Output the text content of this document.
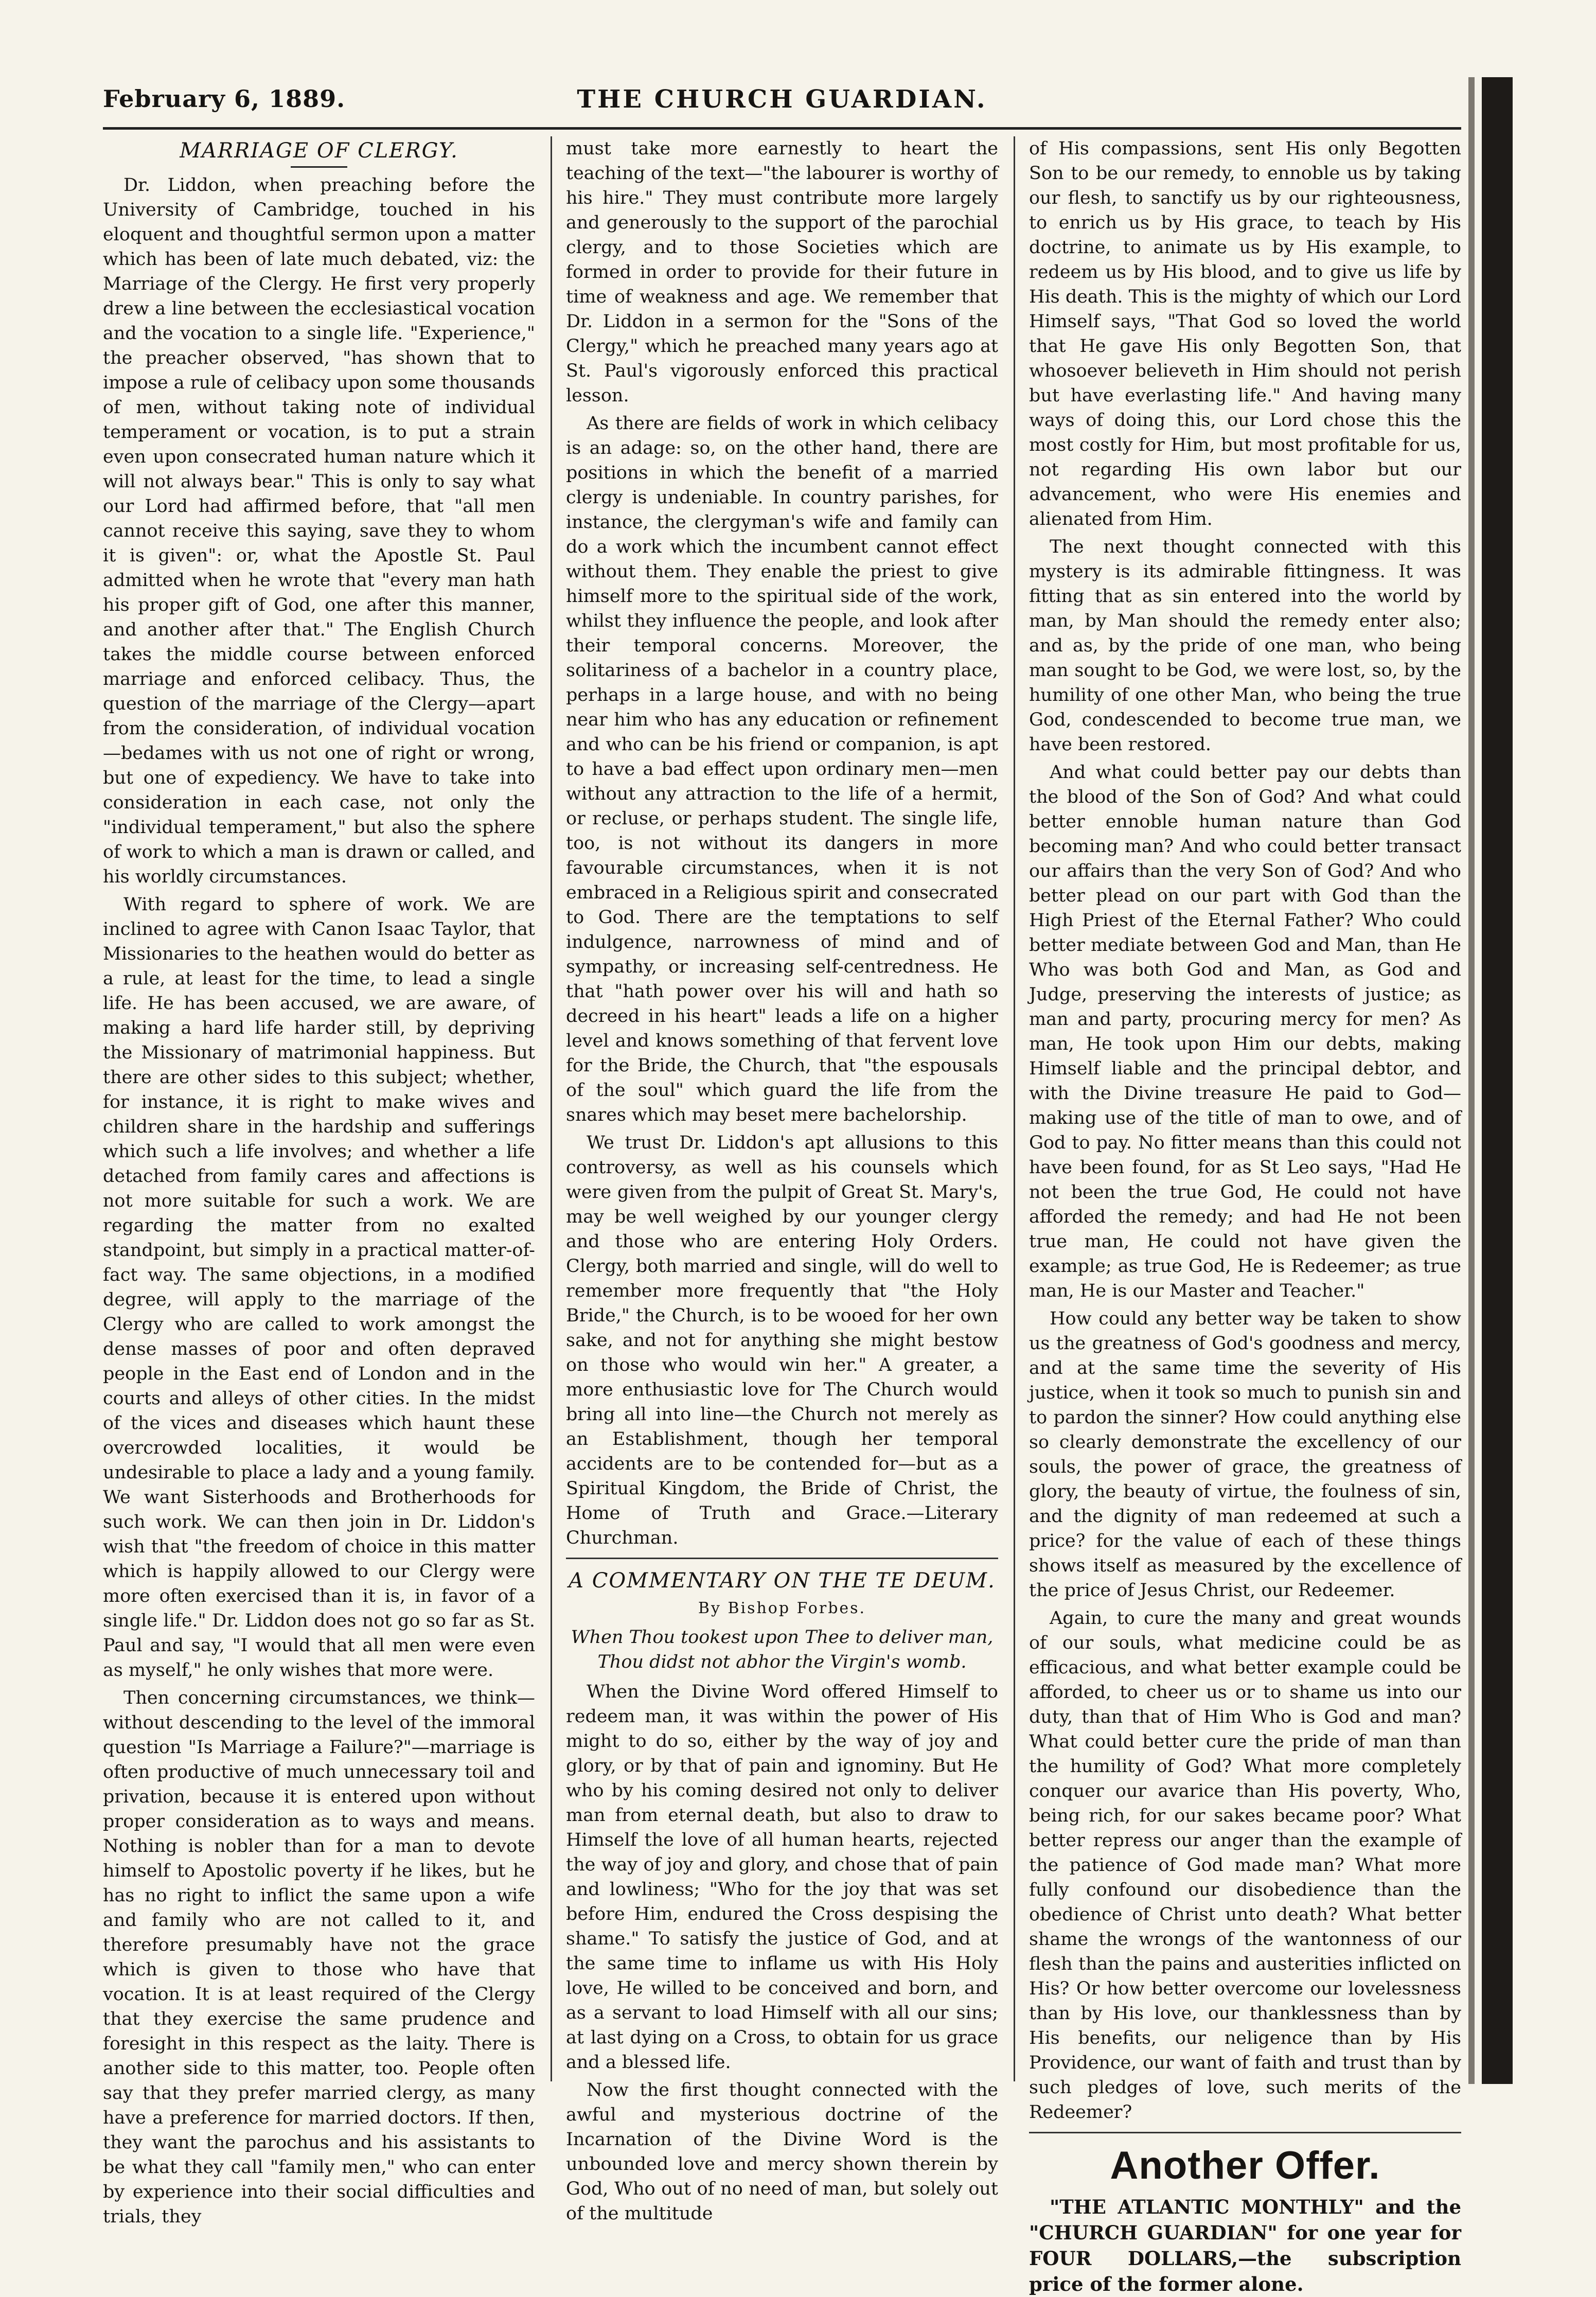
February 6, 1889.	THE CHURCH GUARDIAN.
MARRIAGE OF CLERGY.

Dr. Liddon, when preaching before the University of Cambridge, touched in his eloquent and thoughtful sermon upon a matter which has been of late much debated, viz: the Marriage of the Clergy. He first very properly drew a line between the ecclesiastical vocation and the vocation to a single life. "Experience," the preacher observed, "has shown that to impose a rule of celibacy upon some thousands of men, without taking note of individual temperament or vocation, is to put a strain even upon consecrated human nature which it will not always bear." This is only to say what our Lord had affirmed before, that "all men cannot receive this saying, save they to whom it is given": or, what the Apostle St. Paul admitted when he wrote that "every man hath his proper gift of God, one after this manner, and another after that." The English Church takes the middle course between enforced marriage and enforced celibacy. Thus, the question of the marriage of the Clergy—apart from the consideration, of individual vocation—bedames with us not one of right or wrong, but one of expediency. We have to take into consideration in each case, not only the "individual temperament," but also the sphere of work to which a man is drawn or called, and his worldly circumstances.

With regard to sphere of work. We are inclined to agree with Canon Isaac Taylor, that Missionaries to the heathen would do better as a rule, at least for the time, to lead a single life. He has been accused, we are aware, of making a hard life harder still, by depriving the Missionary of matrimonial happiness. But there are other sides to this subject; whether, for instance, it is right to make wives and children share in the hardship and sufferings which such a life involves; and whether a life detached from family cares and affections is not more suitable for such a work. We are regarding the matter from no exalted standpoint, but simply in a practical matter-of-fact way. The same objections, in a modified degree, will apply to the marriage of the Clergy who are called to work amongst the dense masses of poor and often depraved people in the East end of London and in the courts and alleys of other cities. In the midst of the vices and diseases which haunt these overcrowded localities, it would be undesirable to place a lady and a young family. We want Sisterhoods and Brotherhoods for such work. We can then join in Dr. Liddon's wish that "the freedom of choice in this matter which is happily allowed to our Clergy were more often exercised than it is, in favor of a single life." Dr. Liddon does not go so far as St. Paul and say, "I would that all men were even as myself," he only wishes that more were.

Then concerning circumstances, we think—without descending to the level of the immoral question "Is Marriage a Failure?"—marriage is often productive of much unnecessary toil and privation, because it is entered upon without proper consideration as to ways and means. Nothing is nobler than for a man to devote himself to Apostolic poverty if he likes, but he has no right to inflict the same upon a wife and family who are not called to it, and therefore presumably have not the grace which is given to those who have that vocation. It is at least required of the Clergy that they exercise the same prudence and foresight in this respect as the laity. There is another side to this matter, too. People often say that they prefer married clergy, as many have a preference for married doctors. If then, they want the parochus and his assistants to be what they call "family men," who can enter by experience into their social difficulties and trials, they

must take more earnestly to heart the teaching of the text—"the labourer is worthy of his hire." They must contribute more largely and generously to the support of the parochial clergy, and to those Societies which are formed in order to provide for their future in time of weakness and age. We remember that Dr. Liddon in a sermon for the "Sons of the Clergy," which he preached many years ago at St. Paul's vigorously enforced this practical lesson.

As there are fields of work in which celibacy is an adage: so, on the other hand, there are positions in which the benefit of a married clergy is undeniable. In country parishes, for instance, the clergyman's wife and family can do a work which the incumbent cannot effect without them. They enable the priest to give himself more to the spiritual side of the work, whilst they influence the people, and look after their temporal concerns. Moreover, the solitariness of a bachelor in a country place, perhaps in a large house, and with no being near him who has any education or refinement and who can be his friend or companion, is apt to have a bad effect upon ordinary men—men without any attraction to the life of a hermit, or recluse, or perhaps student. The single life, too, is not without its dangers in more favourable circumstances, when it is not embraced in a Religious spirit and consecrated to God. There are the temptations to self indulgence, narrowness of mind and of sympathy, or increasing self-centredness. He that "hath power over his will and hath so decreed in his heart" leads a life on a higher level and knows something of that fervent love for the Bride, the Church, that "the espousals of the soul" which guard the life from the snares which may beset mere bachelorship.

We trust Dr. Liddon's apt allusions to this controversy, as well as his counsels which were given from the pulpit of Great St. Mary's, may be well weighed by our younger clergy and those who are entering Holy Orders. Clergy, both married and single, will do well to remember more frequently that "the Holy Bride," the Church, is to be wooed for her own sake, and not for anything she might bestow on those who would win her." A greater, a more enthusiastic love for The Church would bring all into line—the Church not merely as an Establishment, though her temporal accidents are to be contended for—but as a Spiritual Kingdom, the Bride of Christ, the Home of Truth and Grace.—Literary Churchman.

A COMMENTARY ON THE TE DEUM.
By Bishop Forbes.
When Thou tookest upon Thee to deliver man, Thou didst not abhor the Virgin's womb.

When the Divine Word offered Himself to redeem man, it was within the power of His might to do so, either by the way of joy and glory, or by that of pain and ignominy. But He who by his coming desired not only to deliver man from eternal death, but also to draw to Himself the love of all human hearts, rejected the way of joy and glory, and chose that of pain and lowliness; "Who for the joy that was set before Him, endured the Cross despising the shame." To satisfy the justice of God, and at the same time to inflame us with His Holy love, He willed to be conceived and born, and as a servant to load Himself with all our sins; at last dying on a Cross, to obtain for us grace and a blessed life.

Now the first thought connected with the awful and mysterious doctrine of the Incarnation of the Divine Word is the unbounded love and mercy shown therein by God, Who out of no need of man, but solely out of the multitude

of His compassions, sent His only Begotten Son to be our remedy, to ennoble us by taking our flesh, to sanctify us by our righteousness, to enrich us by His grace, to teach by His doctrine, to animate us by His example, to redeem us by His blood, and to give us life by His death. This is the mighty of which our Lord Himself says, "That God so loved the world that He gave His only Begotten Son, that whosoever believeth in Him should not perish but have everlasting life." And having many ways of doing this, our Lord chose this the most costly for Him, but most profitable for us, not regarding His own labor but our advancement, who were His enemies and alienated from Him.

The next thought connected with this mystery is its admirable fittingness. It was fitting that as sin entered into the world by man, by Man should the remedy enter also; and as, by the pride of one man, who being man sought to be God, we were lost, so, by the humility of one other Man, who being the true God, condescended to become true man, we have been restored.

And what could better pay our debts than the blood of the Son of God? And what could better ennoble human nature than God becoming man? And who could better transact our affairs than the very Son of God? And who better plead on our part with God than the High Priest of the Eternal Father? Who could better mediate between God and Man, than He Who was both God and Man, as God and Judge, preserving the interests of justice; as man and party, procuring mercy for men? As man, He took upon Him our debts, making Himself liable and the principal debtor, and with the Divine treasure He paid to God—making use of the title of man to owe, and of God to pay. No fitter means than this could not have been found, for as St Leo says, "Had He not been the true God, He could not have afforded the remedy; and had He not been true man, He could not have given the example; as true God, He is Redeemer; as true man, He is our Master and Teacher."

How could any better way be taken to show us the greatness of God's goodness and mercy, and at the same time the severity of His justice, when it took so much to punish sin and to pardon the sinner? How could anything else so clearly demonstrate the excellency of our souls, the power of grace, the greatness of glory, the beauty of virtue, the foulness of sin, and the dignity of man redeemed at such a price? for the value of each of these things shows itself as measured by the excellence of the price of Jesus Christ, our Redeemer.

Again, to cure the many and great wounds of our souls, what medicine could be as efficacious, and what better example could be afforded, to cheer us or to shame us into our duty, than that of Him Who is God and man? What could better cure the pride of man than the humility of God? What more completely conquer our avarice than His poverty, Who, being rich, for our sakes became poor? What better repress our anger than the example of the patience of God made man? What more fully confound our disobedience than the obedience of Christ unto death? What better shame the wrongs of the wantonness of our flesh than the pains and austerities inflicted on His? Or how better overcome our lovelessness than by His love, our thanklessness than by His benefits, our neligence than by His Providence, our want of faith and trust than by such pledges of love, such merits of the Redeemer?

Another Offer.
"THE ATLANTIC MONTHLY" and the "CHURCH GUARDIAN" for one year for FOUR DOLLARS,—the subscription price of the former alone.
